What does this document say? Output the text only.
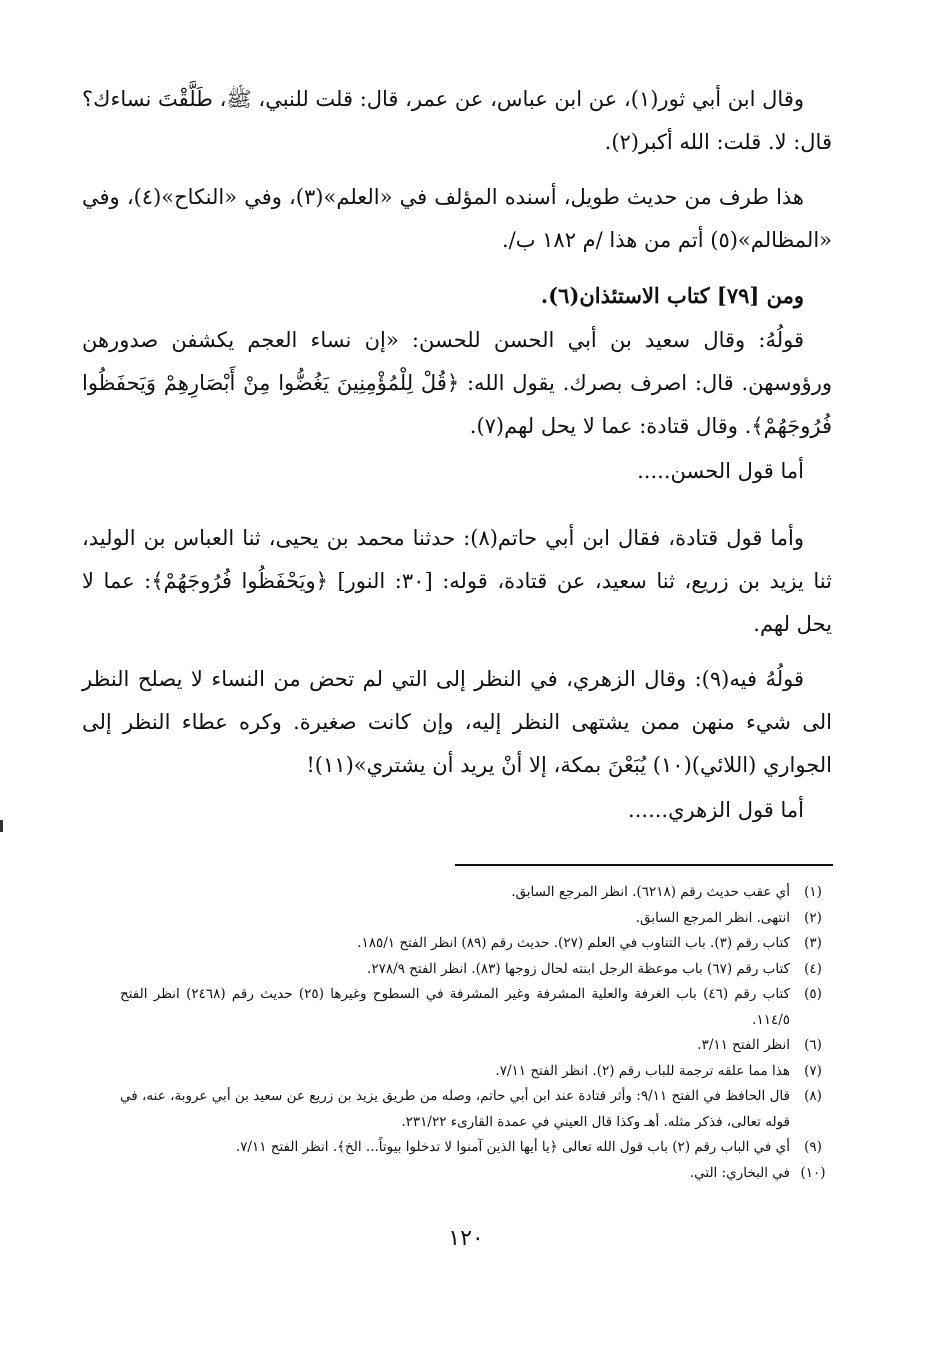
وقال ابن أبي ثور(١)، عن ابن عباس، عن عمر، قال: قلت للنبي، ﷺ، طَلَّقْتَ نساءك؟ قال: لا. قلت: الله أكبر(٢).

هذا طرف من حديث طويل، أسنده المؤلف في «العلم»(٣)، وفي «النكاح»(٤)، وفي «المظالم»(٥) أتم من هذا /م ١٨٢ ب/.

ومن [٧٩] كتاب الاستئذان(٦).

قولُهُ: وقال سعيد بن أبي الحسن للحسن: «إن نساء العجم يكشفن صدورهن ورؤوسهن. قال: اصرف بصرك. يقول الله: ﴿قُلْ لِلْمُؤْمِنِينَ يَغُضُّوا مِنْ أَبْصَارِهِمْ وَيَحفَظُوا فُرُوجَهُمْ﴾. وقال قتادة: عما لا يحل لهم(٧).

أما قول الحسن.....

وأما قول قتادة، فقال ابن أبي حاتم(٨): حدثنا محمد بن يحيى، ثنا العباس بن الوليد، ثنا يزيد بن زريع، ثنا سعيد، عن قتادة، قوله: [٣٠: النور] ﴿ويَحْفَظُوا فُرُوجَهُمْ﴾: عما لا يحل لهم.

قولُهُ فيه(٩): وقال الزهري، في النظر إلى التي لم تحض من النساء لا يصلح النظر الى شيء منهن ممن يشتهى النظر إليه، وإن كانت صغيرة. وكره عطاء النظر إلى الجواري (اللائي)(١٠) يُبَعْنَ بمكة، إلا أنْ يريد أن يشتري»(١١)!

أما قول الزهري......

(١)
أي عقب حديث رقم (٦٢١٨). انظر المرجع السابق.
(٢)
انتهى. انظر المرجع السابق.
(٣)
كتاب رقم (٣). باب التناوب في العلم (٢٧). حديث رقم (٨٩) انظر الفتح ١٨٥/١.
(٤)
كتاب رقم (٦٧) باب موعظة الرجل ابنته لحال زوجها (٨٣). انظر الفتح ٢٧٨/٩.
(٥)
كتاب رقم (٤٦) باب الغرفة والعلية المشرفة وغير المشرفة في السطوح وغيرها (٢٥) حديث رقم (٢٤٦٨) انظر الفتح ١١٤/٥.
(٦)
انظر الفتح ٣/١١.
(٧)
هذا مما علقه ترجمة للباب رقم (٢). انظر الفتح ٧/١١.
(٨)
قال الحافظ في الفتح ٩/١١: وأثر قتادة عند ابن أبي حاتم، وصله من طريق يزيد بن زريع عن سعيد بن أبي عروبة، عنه، في قوله تعالى، فذكر مثله. أهـ وكذا قال العيني في عمدة القارىء ٢٣١/٢٢.
(٩)
أي في الباب رقم (٢) باب قول الله تعالى ﴿يا أيها الذين آمنوا لا تدخلوا بيوتاً... الخ﴾. انظر الفتح ٧/١١.
(١٠)
في البخاري: التي.
١٢٠
